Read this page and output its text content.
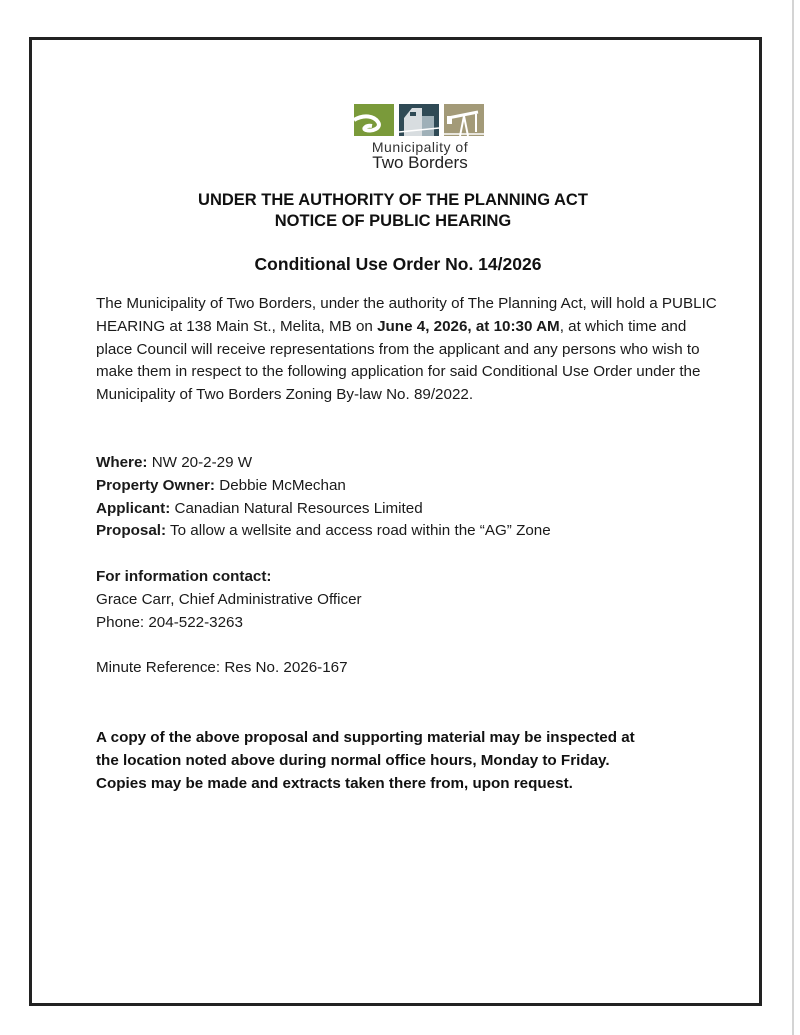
Municipality of
Two Borders
UNDER THE AUTHORITY OF THE PLANNING ACT
NOTICE OF PUBLIC HEARING
Conditional Use Order No. 14/2026
The Municipality of Two Borders, under the authority of The Planning Act, will hold a PUBLIC HEARING at 138 Main St., Melita, MB on June 4, 2026, at 10:30 AM, at which time and place Council will receive representations from the applicant and any persons who wish to make them in respect to the following application for said Conditional Use Order under the Municipality of Two Borders Zoning By-law No. 89/2022.
Where: NW 20-2-29 W
Property Owner: Debbie McMechan
Applicant: Canadian Natural Resources Limited
Proposal: To allow a wellsite and access road within the “AG” Zone
For information contact:
Grace Carr, Chief Administrative Officer
Phone: 204-522-3263
Minute Reference: Res No. 2026-167
A copy of the above proposal and supporting material may be inspected at
the location noted above during normal office hours, Monday to Friday.
Copies may be made and extracts taken there from, upon request.
